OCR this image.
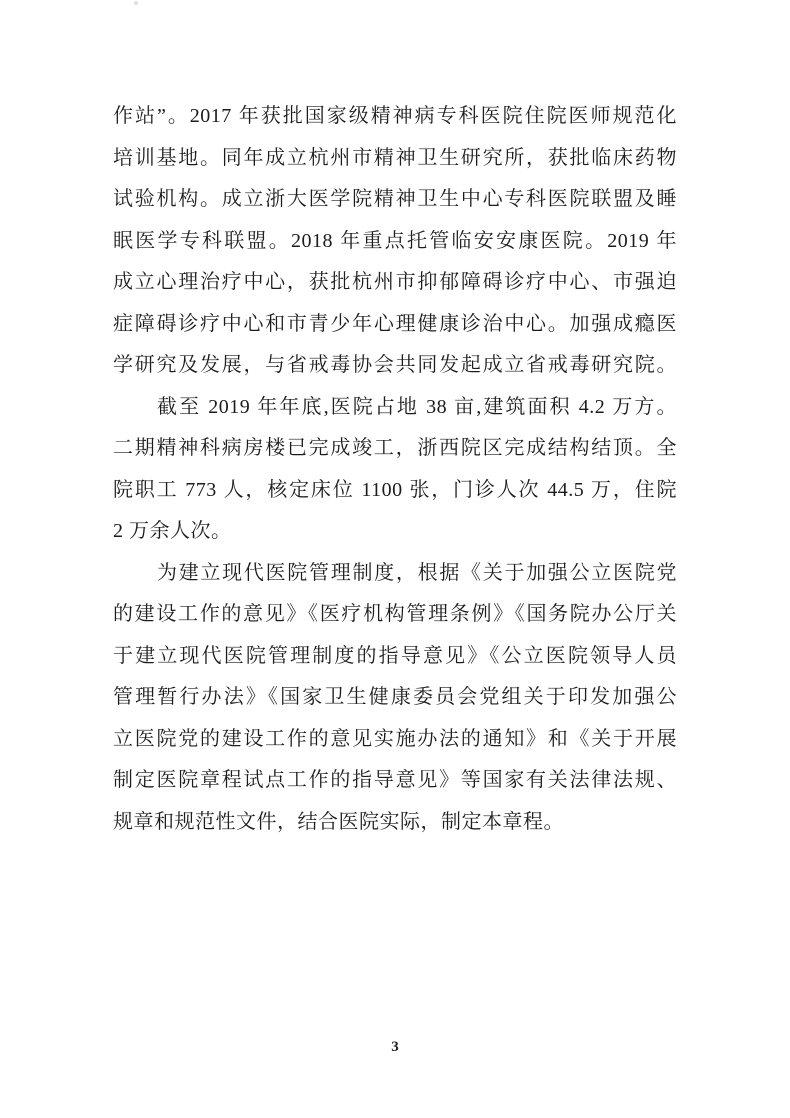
作站”。2017 年获批国家级精神病专科医院住院医师规范化
培训基地。同年成立杭州市精神卫生研究所，获批临床药物
试验机构。成立浙大医学院精神卫生中心专科医院联盟及睡
眠医学专科联盟。2018 年重点托管临安安康医院。2019 年
成立心理治疗中心，获批杭州市抑郁障碍诊疗中心、市强迫
症障碍诊疗中心和市青少年心理健康诊治中心。加强成瘾医
学研究及发展，与省戒毒协会共同发起成立省戒毒研究院。
截至 2019 年年底,医院占地 38 亩,建筑面积 4.2 万方。
二期精神科病房楼已完成竣工，浙西院区完成结构结顶。全
院职工 773 人，核定床位 1100 张，门诊人次 44.5 万，住院
2 万余人次。
为建立现代医院管理制度，根据《关于加强公立医院党
的建设工作的意见》《医疗机构管理条例》《国务院办公厅关
于建立现代医院管理制度的指导意见》《公立医院领导人员
管理暂行办法》《国家卫生健康委员会党组关于印发加强公
立医院党的建设工作的意见实施办法的通知》和《关于开展
制定医院章程试点工作的指导意见》等国家有关法律法规、
规章和规范性文件，结合医院实际，制定本章程。
3
